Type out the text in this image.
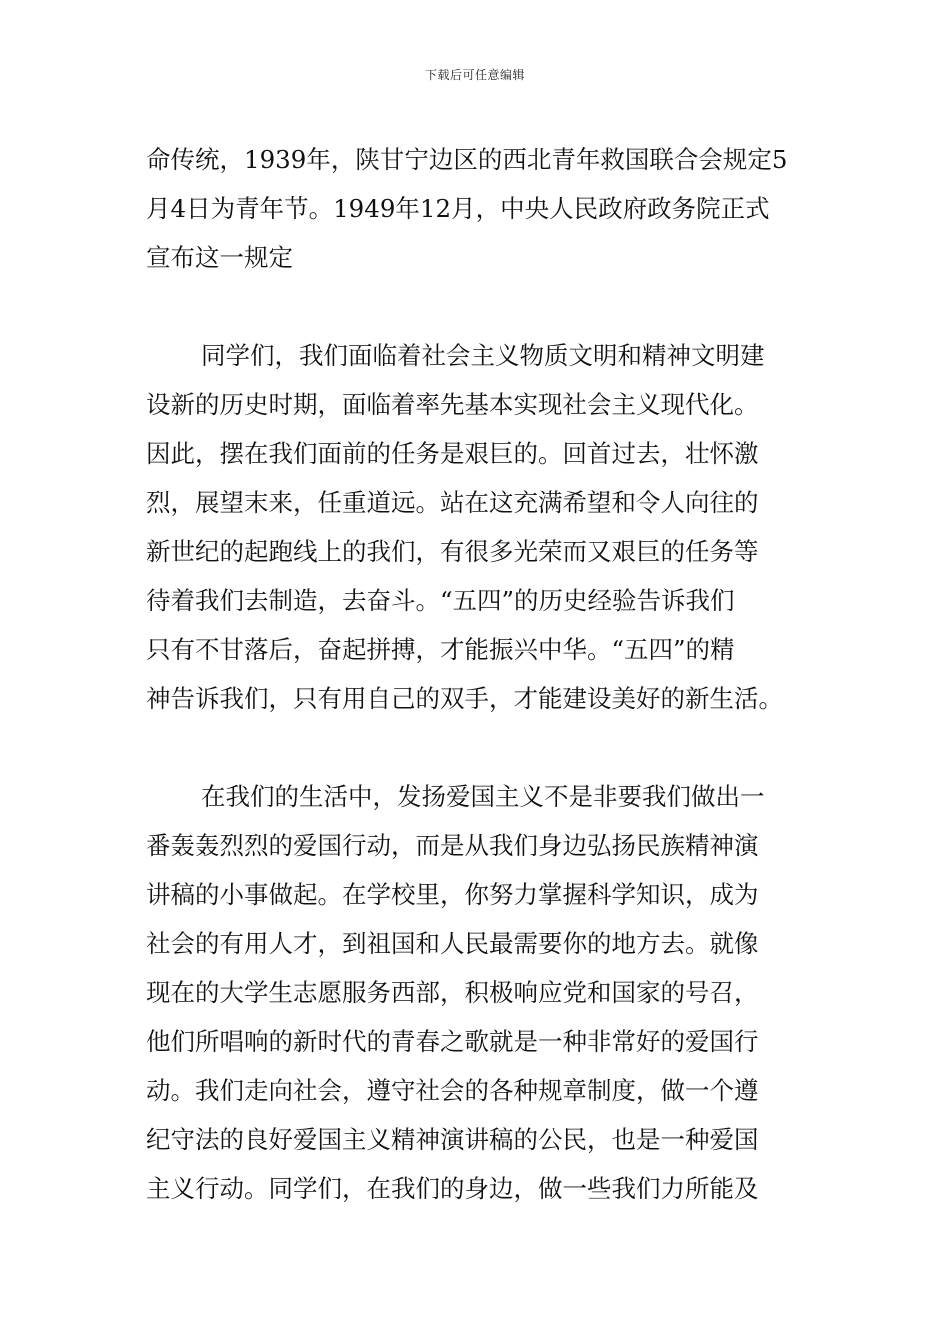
下载后可任意编辑
命传统，1939年，陕甘宁边区的西北青年救国联合会规定5
月4日为青年节。1949年12月，中央人民政府政务院正式
宣布这一规定
同学们，我们面临着社会主义物质文明和精神文明建
设新的历史时期，面临着率先基本实现社会主义现代化。
因此，摆在我们面前的任务是艰巨的。回首过去，壮怀激
烈，展望末来，任重道远。站在这充满希望和令人向往的
新世纪的起跑线上的我们，有很多光荣而又艰巨的任务等
待着我们去制造，去奋斗。“五四”的历史经验告诉我们
只有不甘落后，奋起拼搏，才能振兴中华。“五四”的精
神告诉我们，只有用自己的双手，才能建设美好的新生活。
在我们的生活中，发扬爱国主义不是非要我们做出一
番轰轰烈烈的爱国行动，而是从我们身边弘扬民族精神演
讲稿的小事做起。在学校里，你努力掌握科学知识，成为
社会的有用人才，到祖国和人民最需要你的地方去。就像
现在的大学生志愿服务西部，积极响应党和国家的号召，
他们所唱响的新时代的青春之歌就是一种非常好的爱国行
动。我们走向社会，遵守社会的各种规章制度，做一个遵
纪守法的良好爱国主义精神演讲稿的公民，也是一种爱国
主义行动。同学们，在我们的身边，做一些我们力所能及
